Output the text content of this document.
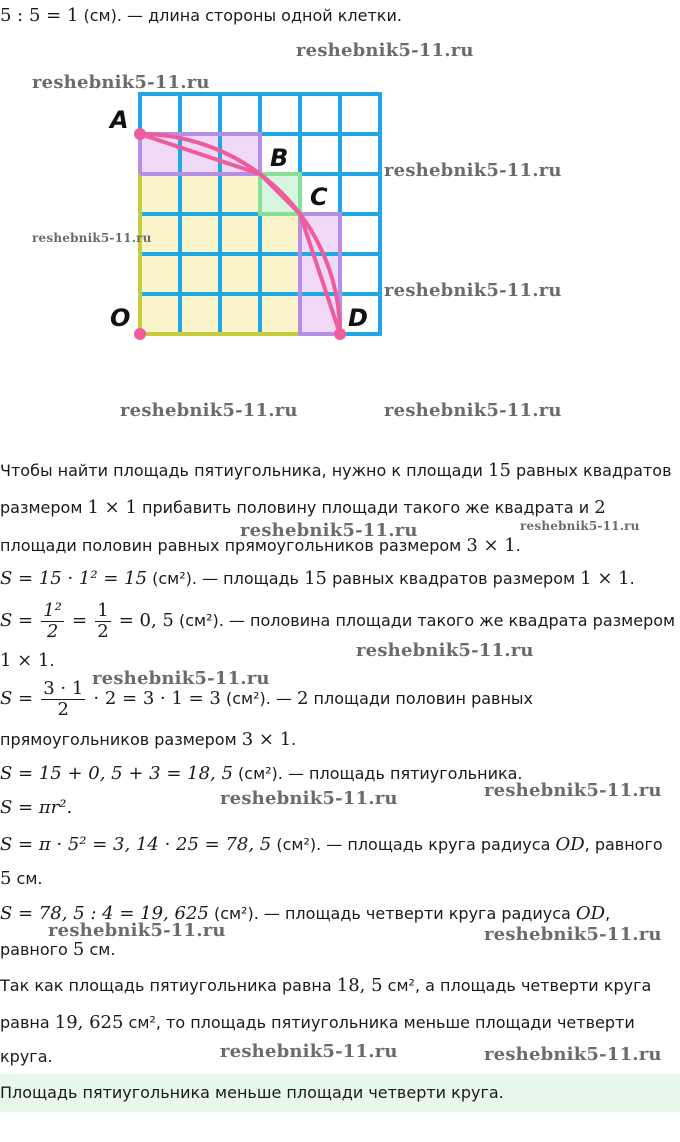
5 : 5 = 1 (см). — длина стороны одной клетки.
A
B
C
O	D
Чтобы найти площадь пятиугольника, нужно к площади 15 равных квадратов
размером 1 × 1 прибавить половину площади такого же квадрата и 2
площади половин равных прямоугольников размером 3 × 1.
S = 15 · 1² = 15 (см²). — площадь 15 равных квадратов размером 1 × 1.
$S = \frac{\text{1²}}{2} = \frac{1}{2} = 0$, 5 (см²). — половина площади такого же квадрата размером
1 × 1.
$S = \frac{3 \cdot 1}{2} \cdot 2 = 3 \cdot 1 = 3$ (см²). — 2 площади половин равных
прямоугольников размером 3 × 1.
S = 15 + 0, 5 + 3 = 18, 5 (см²). — площадь пятиугольника.
S = πr².
S = π · 5² = 3, 14 · 25 = 78, 5 (см²). — площадь круга радиуса OD, равного
5 см.
S = 78, 5 : 4 = 19, 625 (см²). — площадь четверти круга радиуса OD,
равного 5 см.
Так как площадь пятиугольника равна 18, 5 см², а площадь четверти круга
равна 19, 625 см², то площадь пятиугольника меньше площади четверти
круга.
Площадь пятиугольника меньше площади четверти круга.
reshebnik5-11.ru
reshebnik5-11.ru
reshebnik5-11.ru
reshebnik5-11.ru
reshebnik5-11.ru
reshebnik5-11.ru	reshebnik5-11.ru
reshebnik5-11.ru	reshebnik5-11.ru
reshebnik5-11.ru
reshebnik5-11.ru
reshebnik5-11.ru
reshebnik5-11.ru
reshebnik5-11.ru	reshebnik5-11.ru
reshebnik5-11.ru	reshebnik5-11.ru
